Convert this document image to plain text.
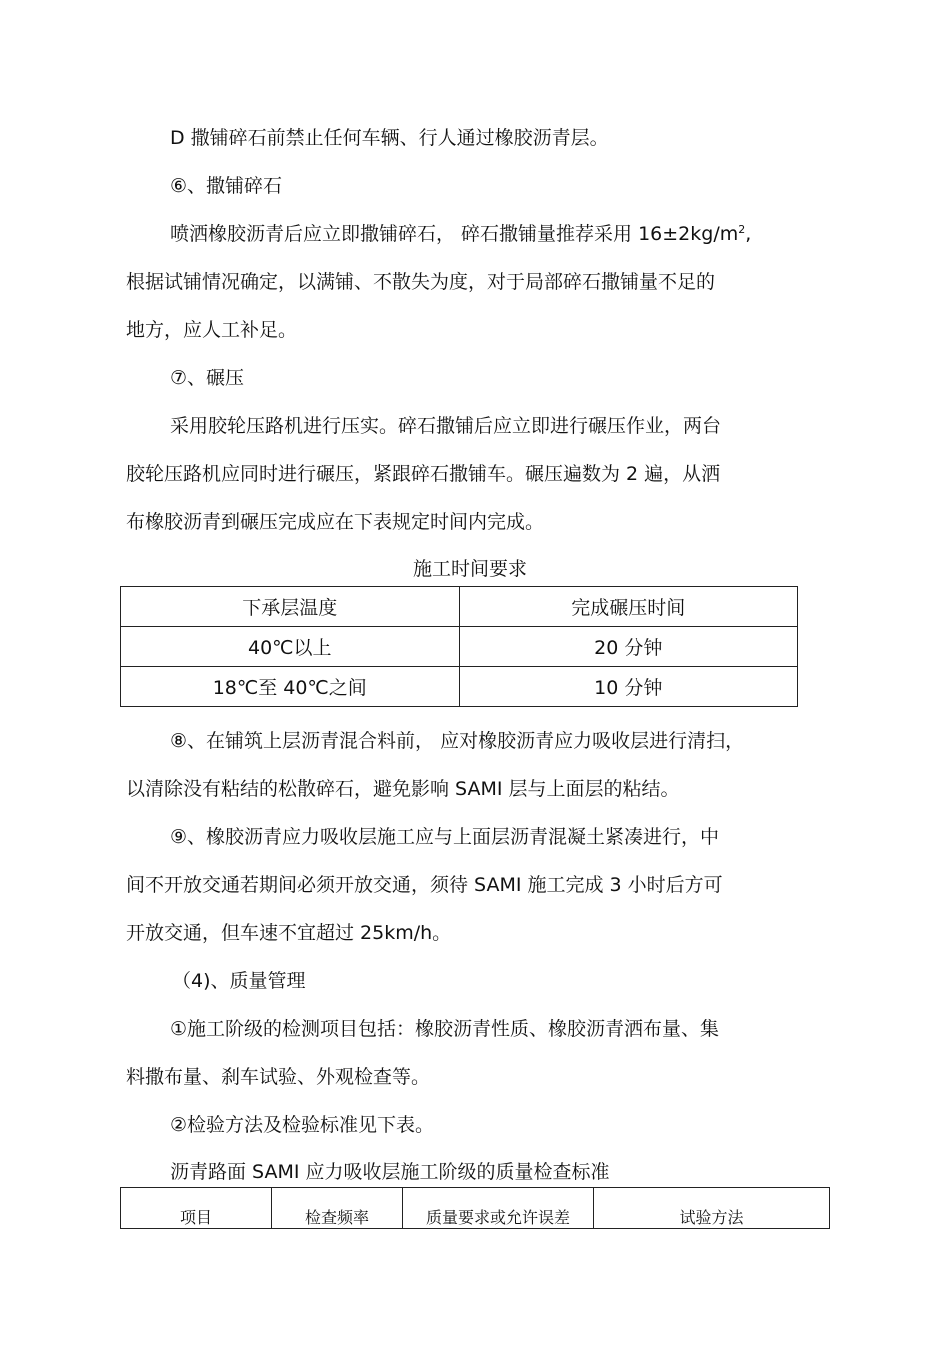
D 撒铺碎石前禁止任何车辆、行人通过橡胶沥青层。
⑥、撒铺碎石
喷洒橡胶沥青后应立即撒铺碎石， 碎石撒铺量推荐采用 $16\pm 2kg/m^2$,
根据试铺情况确定，以满铺、不散失为度，对于局部碎石撒铺量不足的
地方，应人工补足。
⑦、碾压
采用胶轮压路机进行压实。碎石撒铺后应立即进行碾压作业，两台
胶轮压路机应同时进行碾压，紧跟碎石撒铺车。碾压遍数为 2 遍，从洒
布橡胶沥青到碾压完成应在下表规定时间内完成。
施工时间要求
下承层温度	完成碾压时间
40℃以上	20 分钟
18℃至 40℃之间	10 分钟
⑧、在铺筑上层沥青混合料前， 应对橡胶沥青应力吸收层进行清扫，
以清除没有粘结的松散碎石，避免影响 SAMI 层与上面层的粘结。
⑨、橡胶沥青应力吸收层施工应与上面层沥青混凝土紧凑进行，中
间不开放交通若期间必须开放交通，须待 SAMI 施工完成 3 小时后方可
开放交通，但车速不宜超过 25km/h。
（4)、质量管理
①施工阶级的检测项目包括：橡胶沥青性质、橡胶沥青洒布量、集
料撒布量、刹车试验、外观检查等。
②检验方法及检验标准见下表。
沥青路面 SAMI 应力吸收层施工阶级的质量检查标准
项目	检查频率	质量要求或允许误差	试验方法
